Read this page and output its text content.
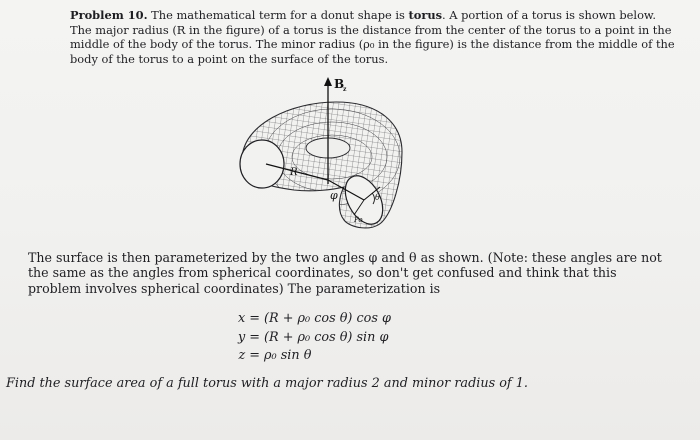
Problem 10. The mathematical term for a donut shape is torus. A portion of a torus is shown below. The major radius (R in the figure) of a torus is the distance from the center of the torus to a point in the middle of the body of the torus. The minor radius (ρ₀ in the figure) is the distance from the middle of the body of the torus to a point on the surface of the torus.
B
z
R
φ	θ
Po
The surface is then parameterized by the two angles φ and θ as shown. (Note: these angles are not the same as the angles from spherical coordinates, so don't get confused and think that this problem involves spherical coordinates) The parameterization is
x = (R + ρ₀ cos θ) cos φ
y = (R + ρ₀ cos θ) sin φ
z = ρ₀ sin θ
Find the surface area of a full torus with a major radius 2 and minor radius of 1.
